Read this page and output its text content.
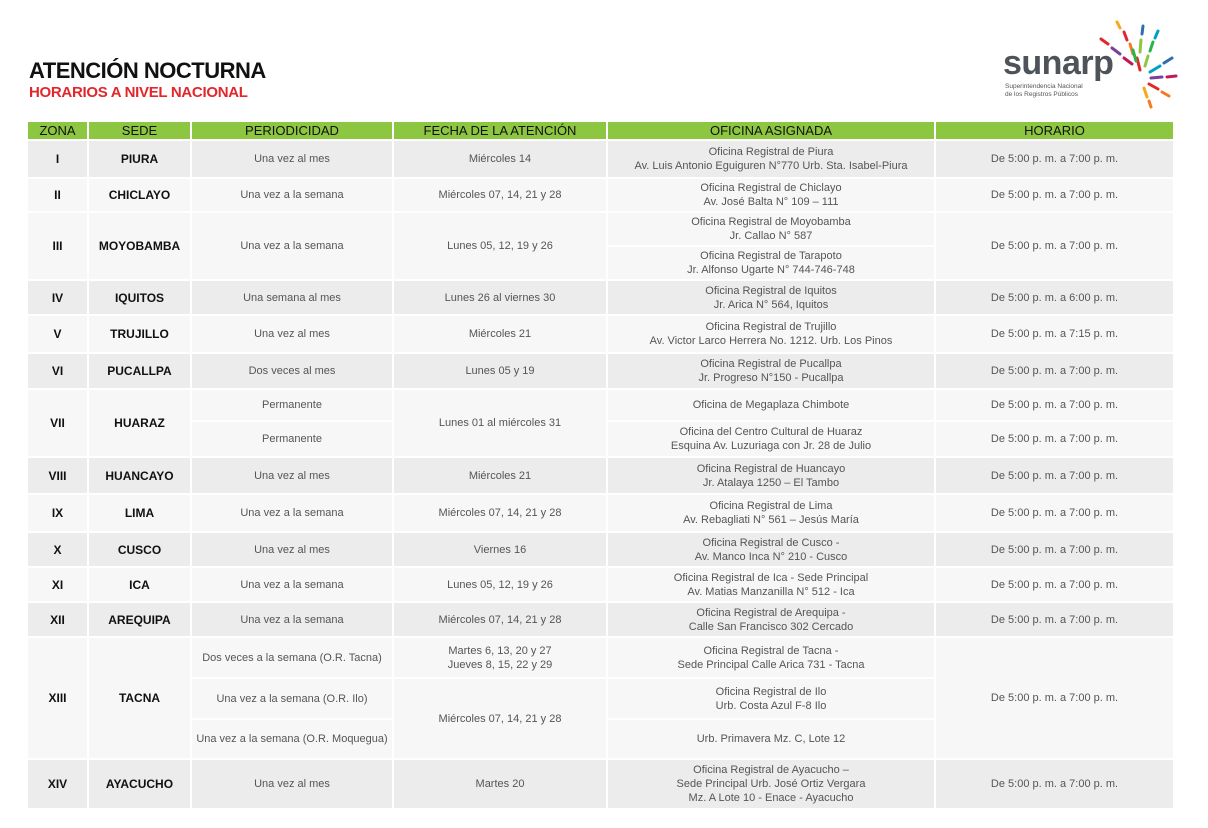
ATENCIÓN NOCTURNA
HORARIOS A NIVEL NACIONAL
sunarp
Superintendencia Nacional
de los Registros Públicos
ZONA	SEDE	PERIODICIDAD	FECHA DE LA ATENCIÓN	OFICINA ASIGNADA	HORARIO
I	PIURA	Una vez al mes	Miércoles 14	Oficina Registral de Piura
Av. Luis Antonio Eguiguren N°770 Urb. Sta. Isabel-Piura	De 5:00 p. m. a 7:00 p. m.
II	CHICLAYO	Una vez a la semana	Miércoles 07, 14, 21 y 28	Oficina Registral de Chiclayo
Av. José Balta N° 109 – 111	De 5:00 p. m. a 7:00 p. m.
III	MOYOBAMBA	Una vez a la semana	Lunes 05, 12, 19 y 26	Oficina Registral de Moyobamba
Jr. Callao N° 587	De 5:00 p. m. a 7:00 p. m.

				Oficina Registral de Tarapoto
Jr. Alfonso Ugarte N° 744-746-748	

IV	IQUITOS	Una semana al mes	Lunes 26 al viernes 30	Oficina Registral de Iquitos
Jr. Arica N° 564, Iquitos	De 5:00 p. m. a 6:00 p. m.
V	TRUJILLO	Una vez al mes	Miércoles 21	Oficina Registral de Trujillo
Av. Victor Larco Herrera No. 1212. Urb. Los Pinos	De 5:00 p. m. a 7:15 p. m.
VI	PUCALLPA	Dos veces al mes	Lunes 05 y 19	Oficina Registral de Pucallpa
Jr. Progreso N°150 - Pucallpa	De 5:00 p. m. a 7:00 p. m.
VII	HUARAZ	Permanente	Lunes 01 al miércoles 31	Oficina de Megaplaza Chimbote	De 5:00 p. m. a 7:00 p. m.
		Permanente		Oficina del Centro Cultural de Huaraz
Esquina Av. Luzuriaga con Jr. 28 de Julio	De 5:00 p. m. a 7:00 p. m.
VIII	HUANCAYO	Una vez al mes	Miércoles 21	Oficina Registral de Huancayo
Jr. Atalaya 1250 – El Tambo	De 5:00 p. m. a 7:00 p. m.
IX	LIMA	Una vez a la semana	Miércoles 07, 14, 21 y 28	Oficina Registral de Lima
Av. Rebagliati N° 561 – Jesús María	De 5:00 p. m. a 7:00 p. m.
X	CUSCO	Una vez al mes	Viernes 16	Oficina Registral de Cusco -
Av. Manco Inca N° 210 - Cusco	De 5:00 p. m. a 7:00 p. m.
XI	ICA	Una vez a la semana	Lunes 05, 12, 19 y 26	Oficina Registral de Ica - Sede Principal
Av. Matias Manzanilla N° 512 - Ica	De 5:00 p. m. a 7:00 p. m.
XII	AREQUIPA	Una vez a la semana	Miércoles 07, 14, 21 y 28	Oficina Registral de Arequipa -
Calle San Francisco 302 Cercado	De 5:00 p. m. a 7:00 p. m.
XIII	TACNA	Dos veces a la semana (O.R. Tacna)	Martes 6, 13, 20 y 27
Jueves 8, 15, 22 y 29	Oficina Registral de Tacna -
Sede Principal Calle Arica 731 - Tacna	De 5:00 p. m. a 7:00 p. m.
		Una vez a la semana (O.R. Ilo)	Miércoles 07, 14, 21 y 28	Oficina Registral de Ilo
Urb. Costa Azul F-8 Ilo	

		Una vez a la semana (O.R. Moquegua)		Urb. Primavera Mz. C, Lote 12	

XIV	AYACUCHO	Una vez al mes	Martes 20	Oficina Registral de Ayacucho –
Sede Principal Urb. José Ortiz Vergara
Mz. A Lote 10 - Enace - Ayacucho	De 5:00 p. m. a 7:00 p. m.
